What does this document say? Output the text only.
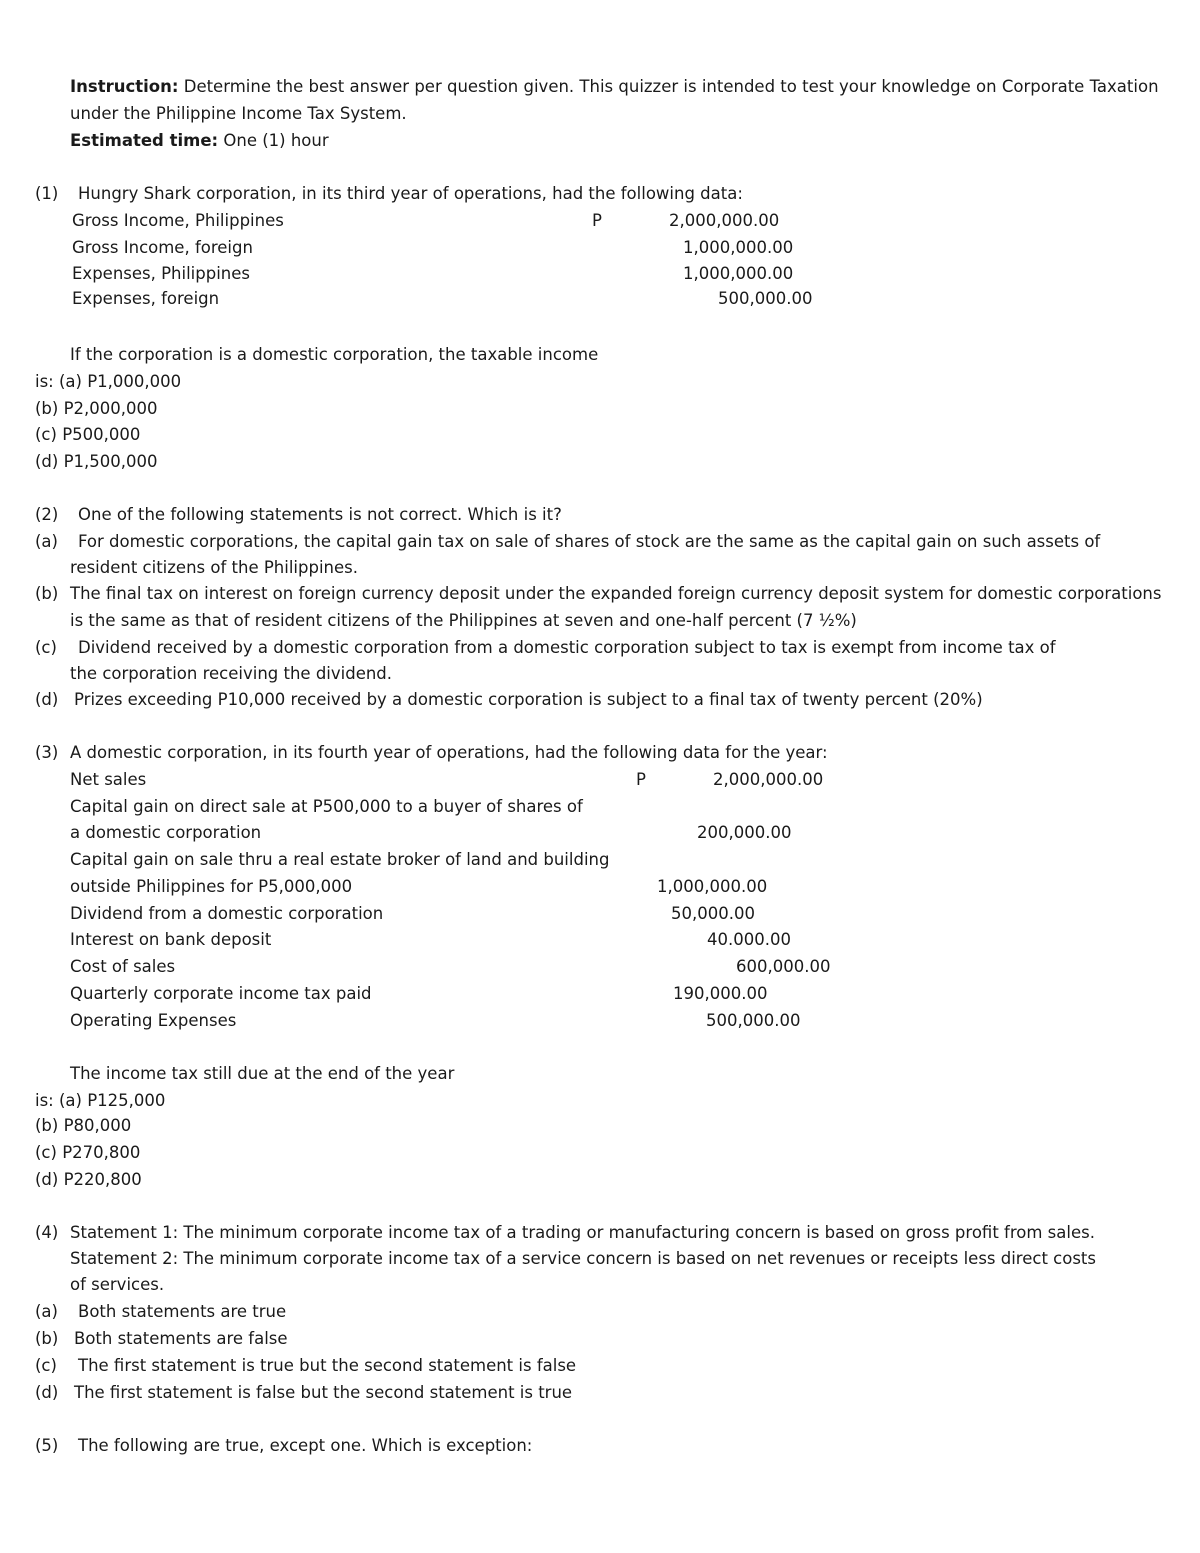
Instruction: Determine the best answer per question given. This quizzer is intended to test your knowledge on Corporate Taxation
under the Philippine Income Tax System.
Estimated time: One (1) hour
(1) Hungry Shark corporation, in its third year of operations, had the following data:
Gross Income, Philippines	P	2,000,000.00
Gross Income, foreign	1,000,000.00
Expenses, Philippines	1,000,000.00
Expenses, foreign	500,000.00
If the corporation is a domestic corporation, the taxable income
is: (a) P1,000,000
(b) P2,000,000
(c) P500,000
(d) P1,500,000
(2) One of the following statements is not correct. Which is it?
(a) For domestic corporations, the capital gain tax on sale of shares of stock are the same as the capital gain on such assets of
resident citizens of the Philippines.
(b) The final tax on interest on foreign currency deposit under the expanded foreign currency deposit system for domestic corporations
is the same as that of resident citizens of the Philippines at seven and one-half percent (7 ½%)
(c) Dividend received by a domestic corporation from a domestic corporation subject to tax is exempt from income tax of
the corporation receiving the dividend.
(d) Prizes exceeding P10,000 received by a domestic corporation is subject to a final tax of twenty percent (20%)
(3) A domestic corporation, in its fourth year of operations, had the following data for the year:
Net sales	P	2,000,000.00
Capital gain on direct sale at P500,000 to a buyer of shares of
a domestic corporation	200,000.00
Capital gain on sale thru a real estate broker of land and building
outside Philippines for P5,000,000	1,000,000.00
Dividend from a domestic corporation	50,000.00
Interest on bank deposit	40.000.00
Cost of sales	600,000.00
Quarterly corporate income tax paid	190,000.00
Operating Expenses	500,000.00
The income tax still due at the end of the year
is: (a) P125,000
(b) P80,000
(c) P270,800
(d) P220,800
(4) Statement 1: The minimum corporate income tax of a trading or manufacturing concern is based on gross profit from sales.
Statement 2: The minimum corporate income tax of a service concern is based on net revenues or receipts less direct costs
of services.
(a) Both statements are true
(b) Both statements are false
(c) The first statement is true but the second statement is false
(d) The first statement is false but the second statement is true
(5) The following are true, except one. Which is exception:
